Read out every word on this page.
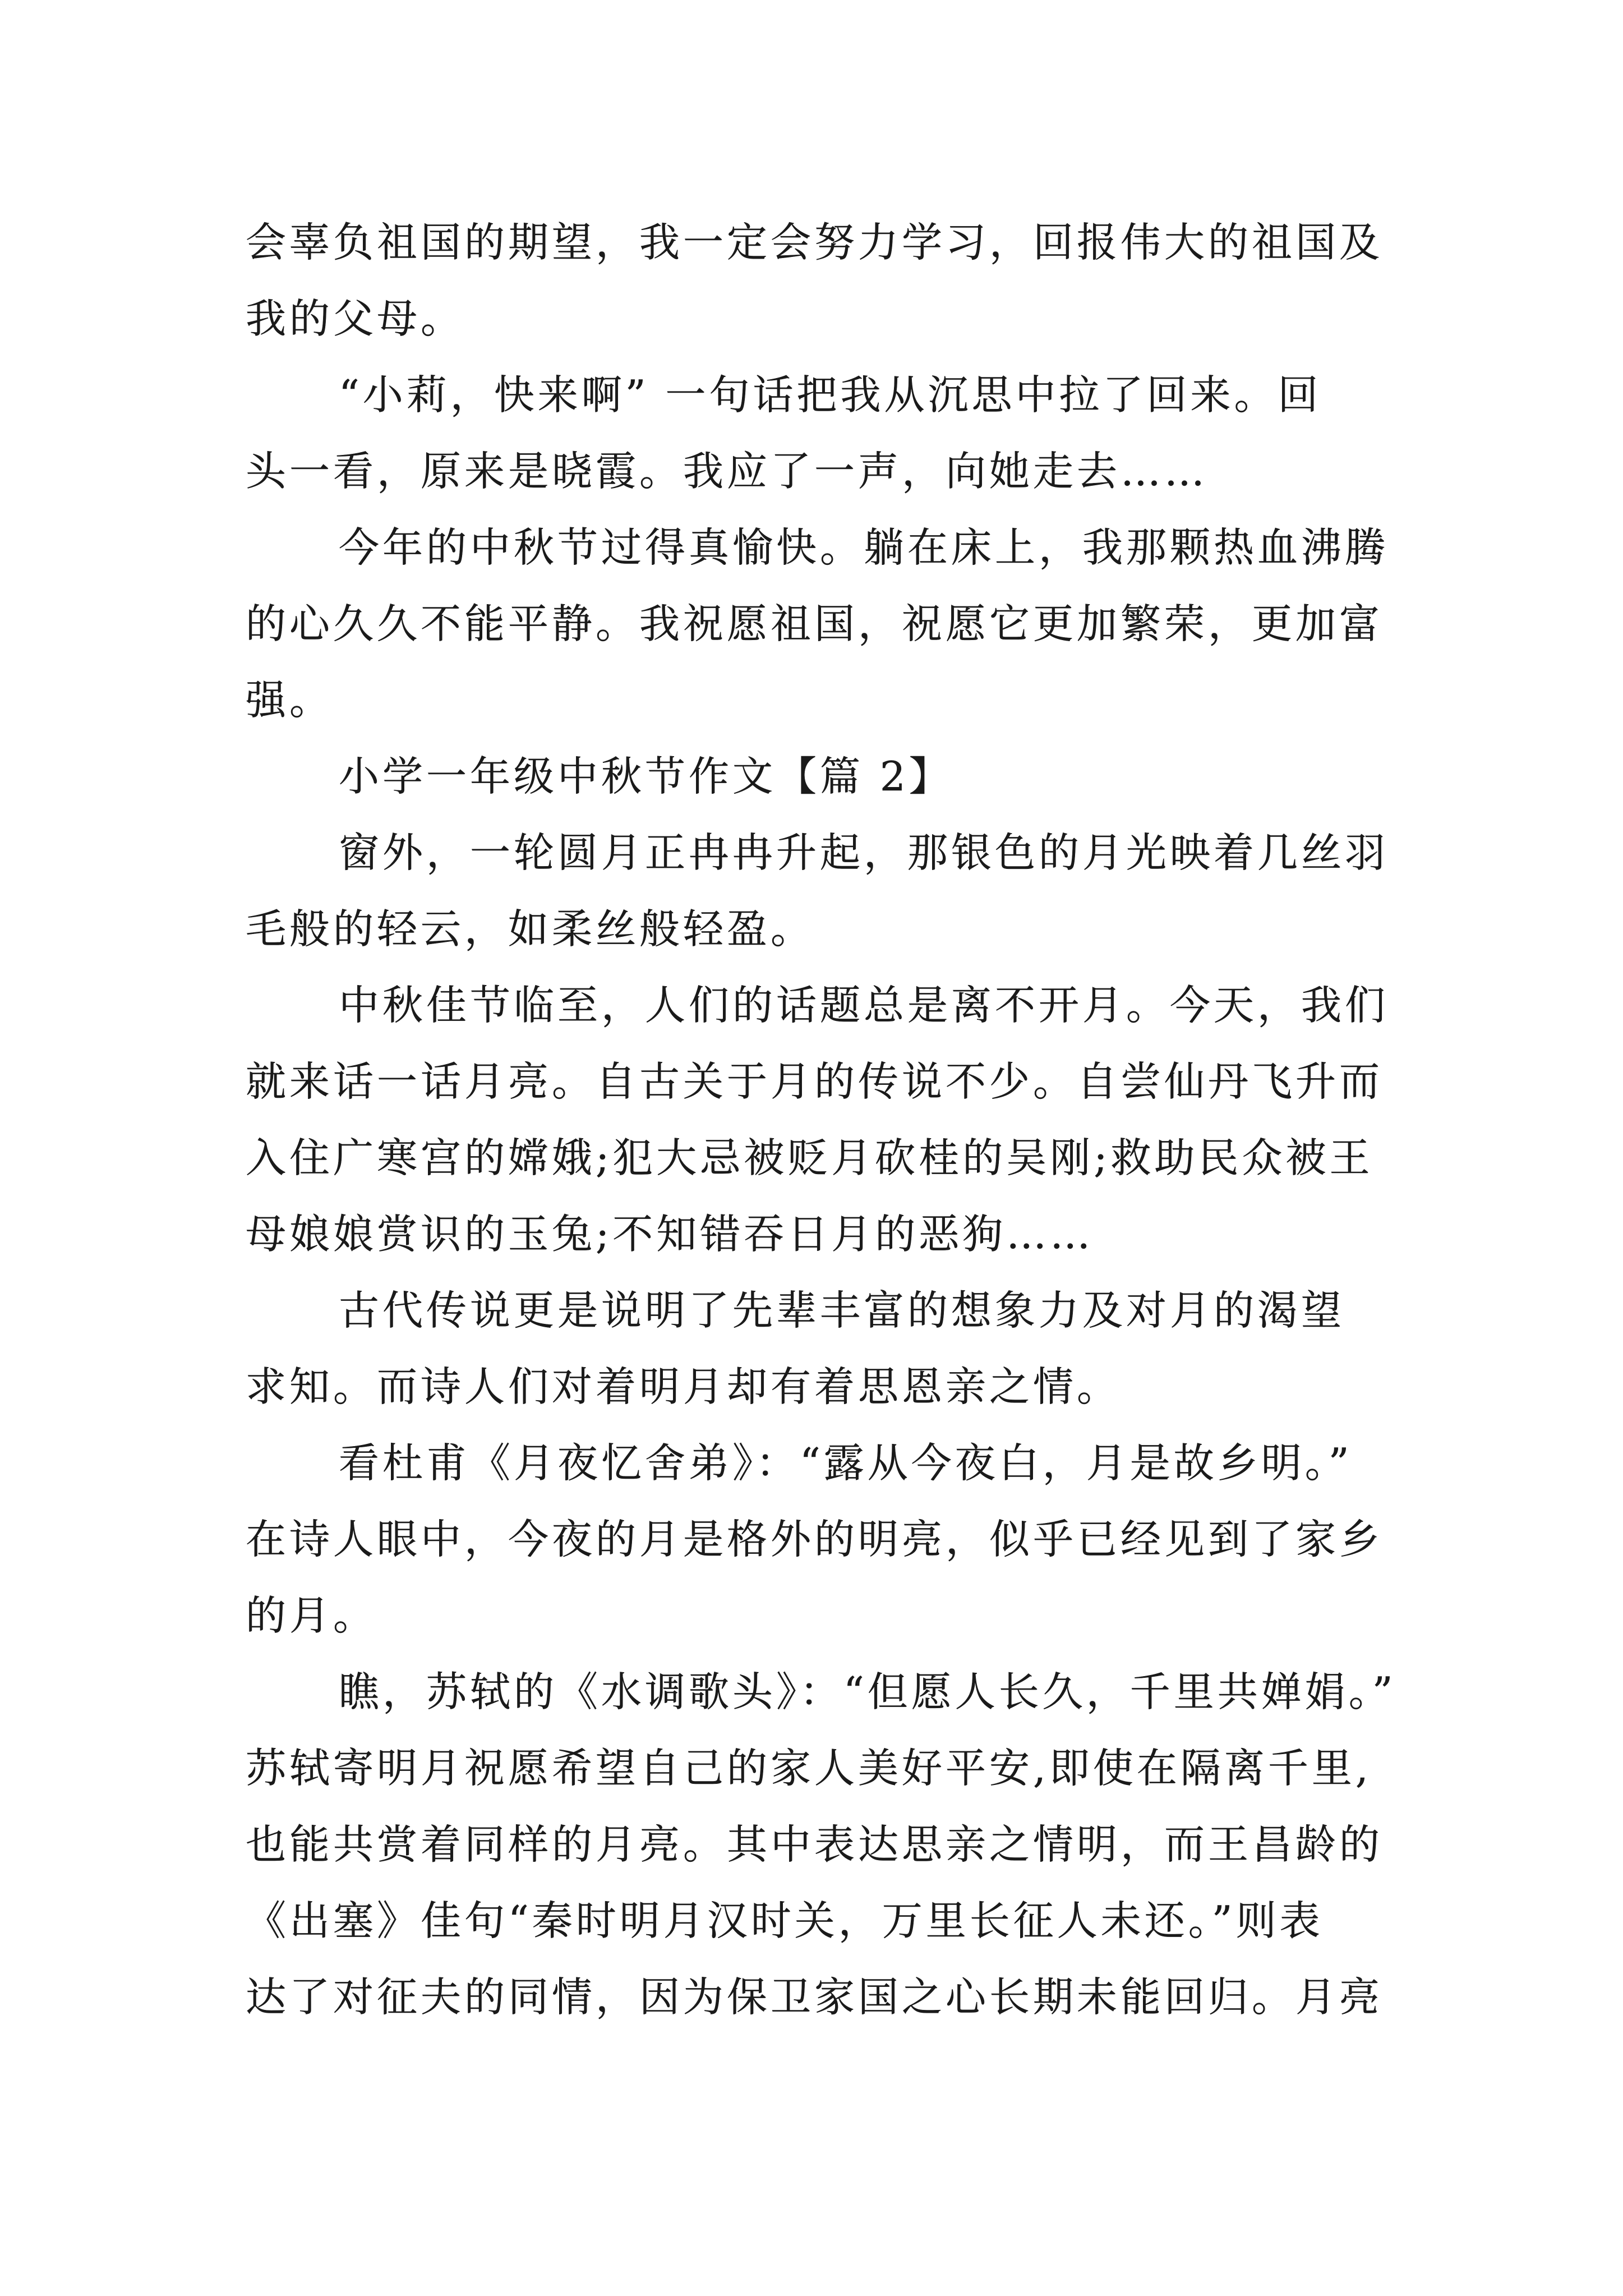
会辜负祖国的期望，我一定会努力学习，回报伟大的祖国及
我的父母。
“小莉，快来啊” 一句话把我从沉思中拉了回来。回
头一看，原来是晓霞。我应了一声，向她走去……
今年的中秋节过得真愉快。躺在床上，我那颗热血沸腾
的心久久不能平静。我祝愿祖国，祝愿它更加繁荣，更加富
强。
小学一年级中秋节作文【篇 2】
窗外，一轮圆月正冉冉升起，那银色的月光映着几丝羽
毛般的轻云，如柔丝般轻盈。
中秋佳节临至，人们的话题总是离不开月。今天，我们
就来话一话月亮。自古关于月的传说不少。自尝仙丹飞升而
入住广寒宫的嫦娥;犯大忌被贬月砍桂的吴刚;救助民众被王
母娘娘赏识的玉兔;不知错吞日月的恶狗……
古代传说更是说明了先辈丰富的想象力及对月的渴望
求知。而诗人们对着明月却有着思恩亲之情。
看杜甫《月夜忆舍弟》：“露从今夜白，月是故乡明。”
在诗人眼中，今夜的月是格外的明亮，似乎已经见到了家乡
的月。
瞧，苏轼的《水调歌头》：“但愿人长久，千里共婵娟。”
苏轼寄明月祝愿希望自己的家人美好平安,即使在隔离千里,
也能共赏着同样的月亮。其中表达思亲之情明，而王昌龄的
《出塞》佳句“秦时明月汉时关，万里长征人未还。”则表
达了对征夫的同情，因为保卫家国之心长期未能回归。月亮
